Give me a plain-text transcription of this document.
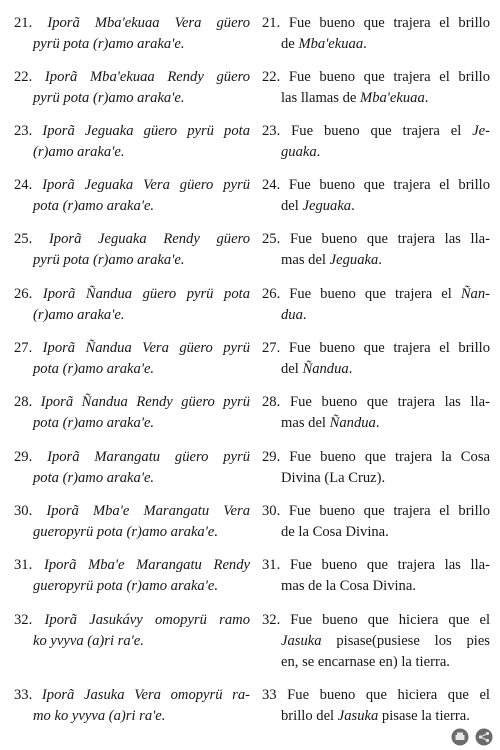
21. Iporã Mba'ekuaa Vera güero
pyrü pota (r)amo araka'e.
22. Iporã Mba'ekuaa Rendy güero
pyrü pota (r)amo araka'e.
23. Iporã Jeguaka güero pyrü pota
(r)amo araka'e.
24. Iporã Jeguaka Vera güero pyrü
pota (r)amo araka'e.
25. Iporã Jeguaka Rendy güero
pyrü pota (r)amo araka'e.
26. Iporã Ñandua güero pyrü pota
(r)amo araka'e.
27. Iporã Ñandua Vera güero pyrü
pota (r)amo araka'e.
28. Iporã Ñandua Rendy güero pyrü
pota (r)amo araka'e.
29. Iporã Marangatu güero pyrü
pota (r)amo araka'e.
30. Iporã Mba'e Marangatu Vera
gueropyrü pota (r)amo araka'e.
31. Iporã Mba'e Marangatu Rendy
gueropyrü pota (r)amo araka'e.
32. Iporã Jasukávy omopyrü ramo
ko yvyva (a)ri ra'e.
33. Iporã Jasuka Vera omopyrü ra-
mo ko yvyva (a)ri ra'e.
21. Fue bueno que trajera el brillo
de Mba'ekuaa.
22. Fue bueno que trajera el brillo
las llamas de Mba'ekuaa.
23. Fue bueno que trajera el Je-
guaka.
24. Fue bueno que trajera el brillo
del Jeguaka.
25. Fue bueno que trajera las lla-
mas del Jeguaka.
26. Fue bueno que trajera el Ñan-
dua.
27. Fue bueno que trajera el brillo
del Ñandua.
28. Fue bueno que trajera las lla-
mas del Ñandua.
29. Fue bueno que trajera la Cosa
Divina (La Cruz).
30. Fue bueno que trajera el brillo
de la Cosa Divina.
31. Fue bueno que trajera las lla-
mas de la Cosa Divina.
32. Fue bueno que hiciera que el
Jasuka pisase(pusiese los pies
en, se encarnase en) la tierra.
33 Fue bueno que hiciera que el
brillo del Jasuka pisase la tierra.
